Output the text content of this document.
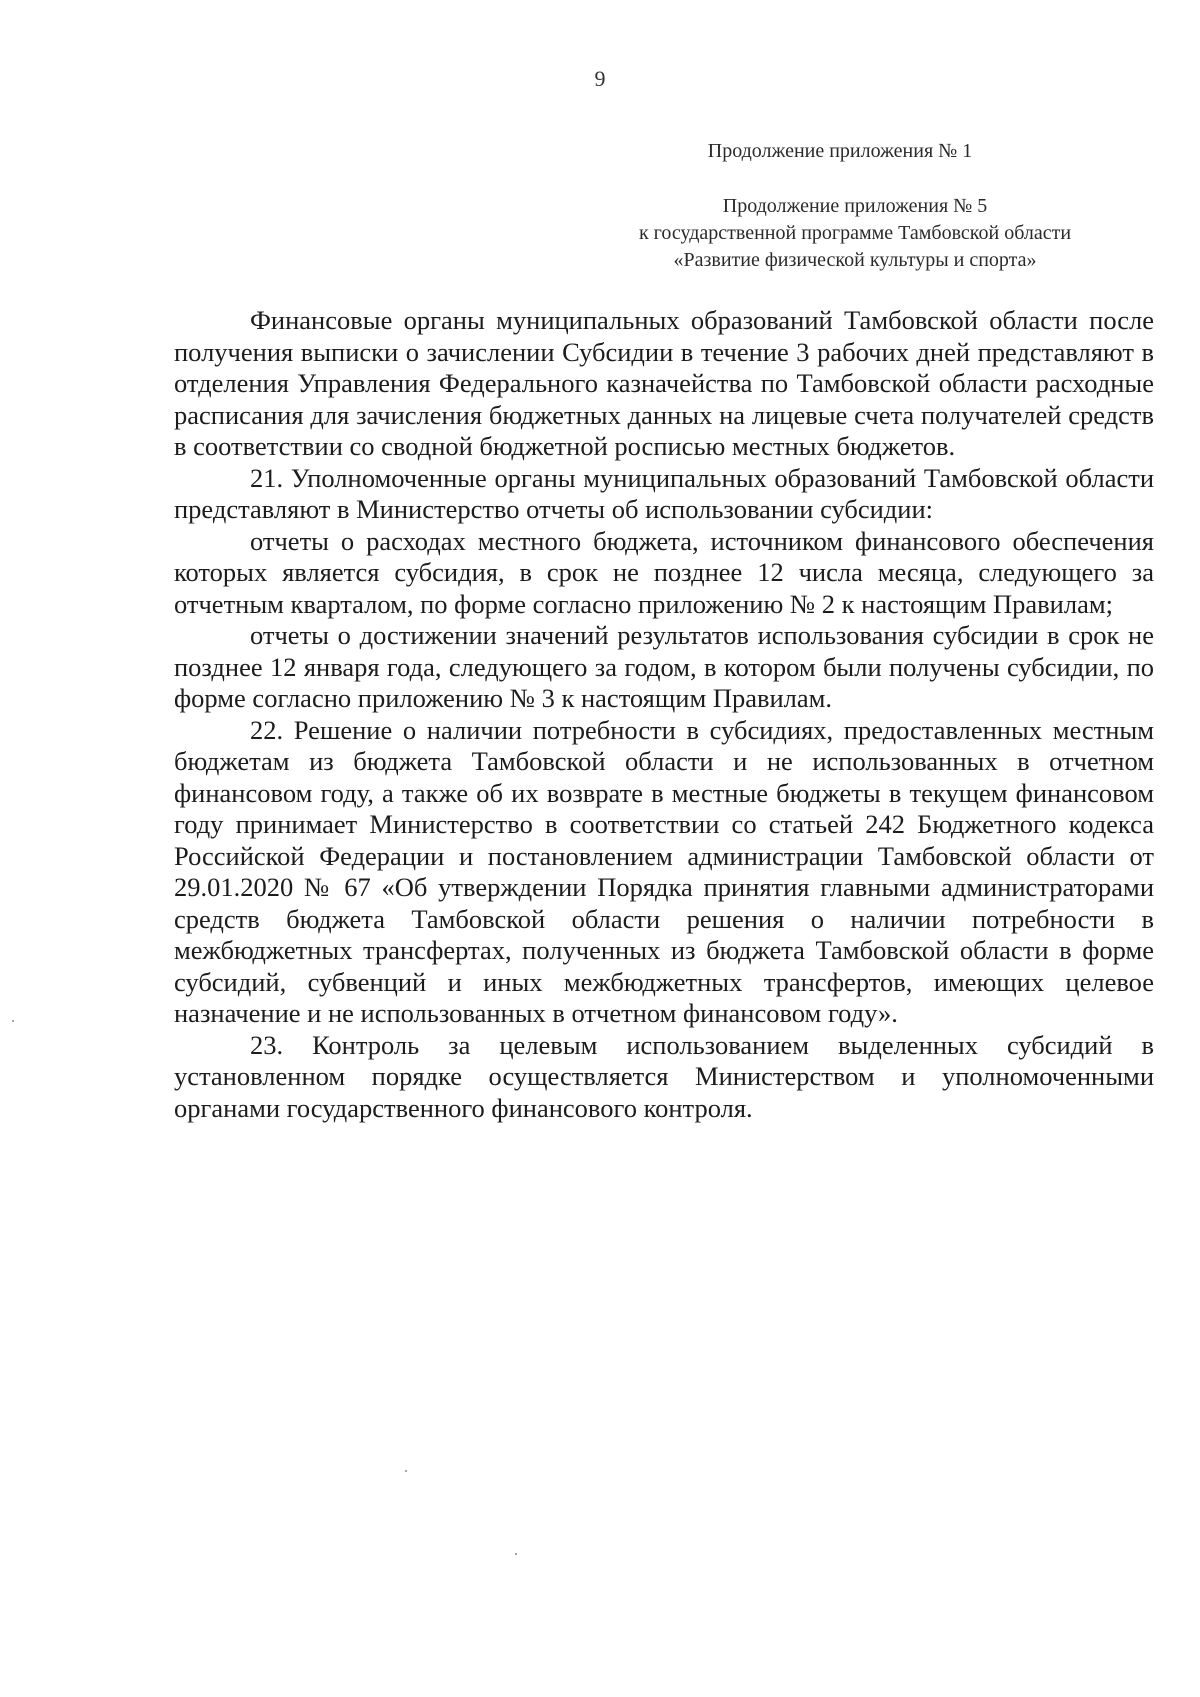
9
Продолжение приложения № 1
Продолжение приложения № 5
к государственной программе Тамбовской области
«Развитие физической культуры и спорта»

Финансовые органы муниципальных образований Тамбовской области после получения выписки о зачислении Субсидии в течение 3 рабочих дней представляют в отделения Управления Федерального казначейства по Тамбовской области расходные расписания для зачисления бюджетных данных на лицевые счета получателей средств в соответствии со сводной бюджетной росписью местных бюджетов.

21. Уполномоченные органы муниципальных образований Тамбовской области представляют в Министерство отчеты об использовании субсидии:

отчеты о расходах местного бюджета, источником финансового обеспечения которых является субсидия, в срок не позднее 12 числа месяца, следующего за отчетным кварталом, по форме согласно приложению № 2 к настоящим Правилам;

отчеты о достижении значений результатов использования субсидии в срок не позднее 12 января года, следующего за годом, в котором были получены субсидии, по форме согласно приложению № 3 к настоящим Правилам.

22. Решение о наличии потребности в субсидиях, предоставленных местным бюджетам из бюджета Тамбовской области и не использованных в отчетном финансовом году, а также об их возврате в местные бюджеты в текущем финансовом году принимает Министерство в соответствии со статьей 242 Бюджетного кодекса Российской Федерации и постановлением администрации Тамбовской области от 29.01.2020 № 67 «Об утверждении Порядка принятия главными администраторами средств бюджета Тамбовской области решения о наличии потребности в межбюджетных трансфертах, полученных из бюджета Тамбовской области в форме субсидий, субвенций и иных межбюджетных трансфертов, имеющих целевое назначение и не использованных в отчетном финансовом году».

23. Контроль за целевым использованием выделенных субсидий в установленном порядке осуществляется Министерством и уполномоченными органами государственного финансового контроля.
